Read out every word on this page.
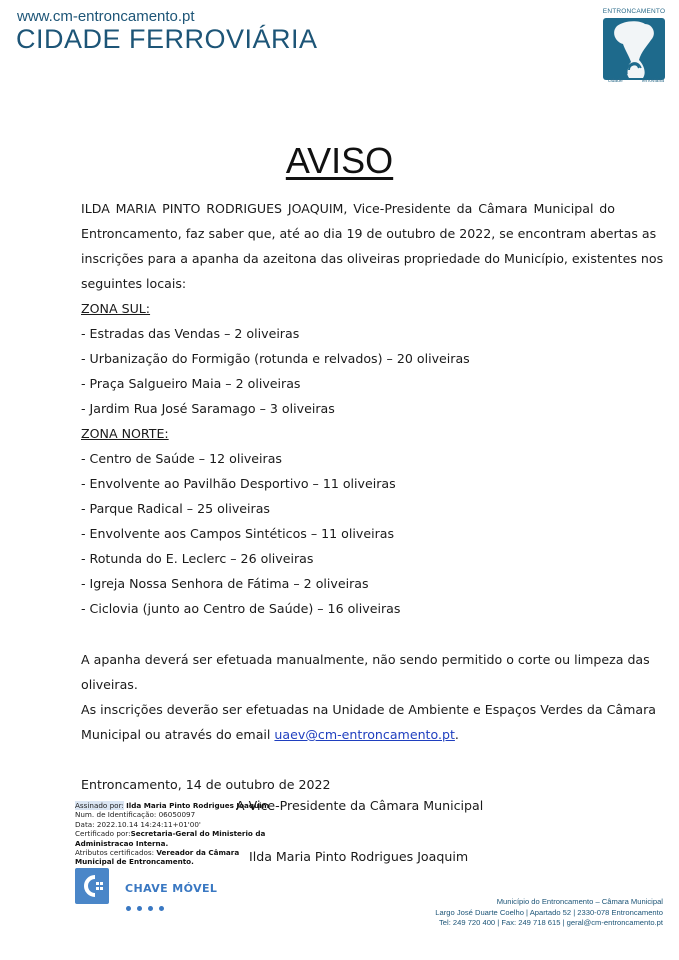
www.cm-entroncamento.pt
CIDADE FERROVIÁRIA
ENTRONCAMENTO
cidade	ferroviária
AVISO
ILDA MARIA PINTO RODRIGUES JOAQUIM, Vice-Presidente da Câmara Municipal do
Entroncamento, faz saber que, até ao dia 19 de outubro de 2022, se encontram abertas as
inscrições para a apanha da azeitona das oliveiras propriedade do Município, existentes nos
seguintes locais:
ZONA SUL:
- Estradas das Vendas – 2 oliveiras
- Urbanização do Formigão (rotunda e relvados) – 20 oliveiras
- Praça Salgueiro Maia – 2 oliveiras
- Jardim Rua José Saramago – 3 oliveiras
ZONA NORTE:
- Centro de Saúde – 12 oliveiras
- Envolvente ao Pavilhão Desportivo – 11 oliveiras
- Parque Radical – 25 oliveiras
- Envolvente aos Campos Sintéticos – 11 oliveiras
- Rotunda do E. Leclerc – 26 oliveiras
- Igreja Nossa Senhora de Fátima – 2 oliveiras
- Ciclovia (junto ao Centro de Saúde) – 16 oliveiras
A apanha deverá ser efetuada manualmente, não sendo permitido o corte ou limpeza das
oliveiras.
As inscrições deverão ser efetuadas na Unidade de Ambiente e Espaços Verdes da Câmara
Municipal ou através do email uaev@cm-entroncamento.pt.
Entroncamento, 14 de outubro de 2022
A Vice-Presidente da Câmara Municipal
Ilda Maria Pinto Rodrigues Joaquim
Assinado por: Ilda Maria Pinto Rodrigues Joaquim
Num. de Identificação: 06050097
Data: 2022.10.14 14:24:11+01'00'
Certificado por:Secretaria-Geral do Ministerio da Administracao Interna.
Atributos certificados: Vereador da Câmara Municipal de Entroncamento.
CHAVE MÓVEL
Município do Entroncamento – Câmara Municipal
Largo José Duarte Coelho | Apartado 52 | 2330-078 Entroncamento
Tel: 249 720 400 | Fax: 249 718 615 | geral@cm-entroncamento.pt
